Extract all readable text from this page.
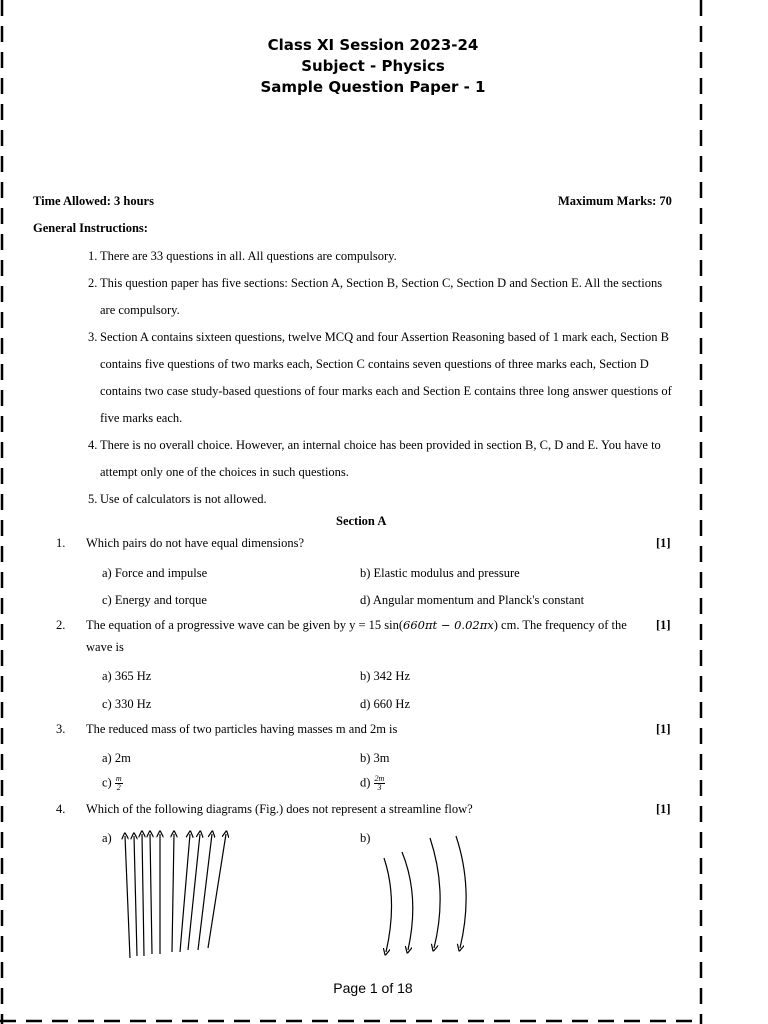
Class XI Session 2023-24
Subject - Physics
Sample Question Paper - 1
Time Allowed: 3 hours	Maximum Marks: 70
General Instructions:
1. There are 33 questions in all. All questions are compulsory.
2. This question paper has five sections: Section A, Section B, Section C, Section D and Section E. All the sections
are compulsory.
3. Section A contains sixteen questions, twelve MCQ and four Assertion Reasoning based of 1 mark each, Section B
contains five questions of two marks each, Section C contains seven questions of three marks each, Section D
contains two case study-based questions of four marks each and Section E contains three long answer questions of
five marks each.
4. There is no overall choice. However, an internal choice has been provided in section B, C, D and E. You have to
attempt only one of the choices in such questions.
5. Use of calculators is not allowed.
Section A
1. Which pairs do not have equal dimensions?	[1]
a) Force and impulse	b) Elastic modulus and pressure
c) Energy and torque	d) Angular momentum and Planck's constant
2. The equation of a progressive wave can be given by y = 15 sin(660πt − 0.02πx) cm. The frequency of the
wave is
[1]
a) 365 Hz	b) 342 Hz
c) 330 Hz	d) 660 Hz
3. The reduced mass of two particles having masses m and 2m is	[1]
a) 2m	b) 3m
$c) \frac{m}{2}$	$d) \frac{2m}{3}$
4. Which of the following diagrams (Fig.) does not represent a streamline flow?	[1]
a)	b)
Page 1 of 18
